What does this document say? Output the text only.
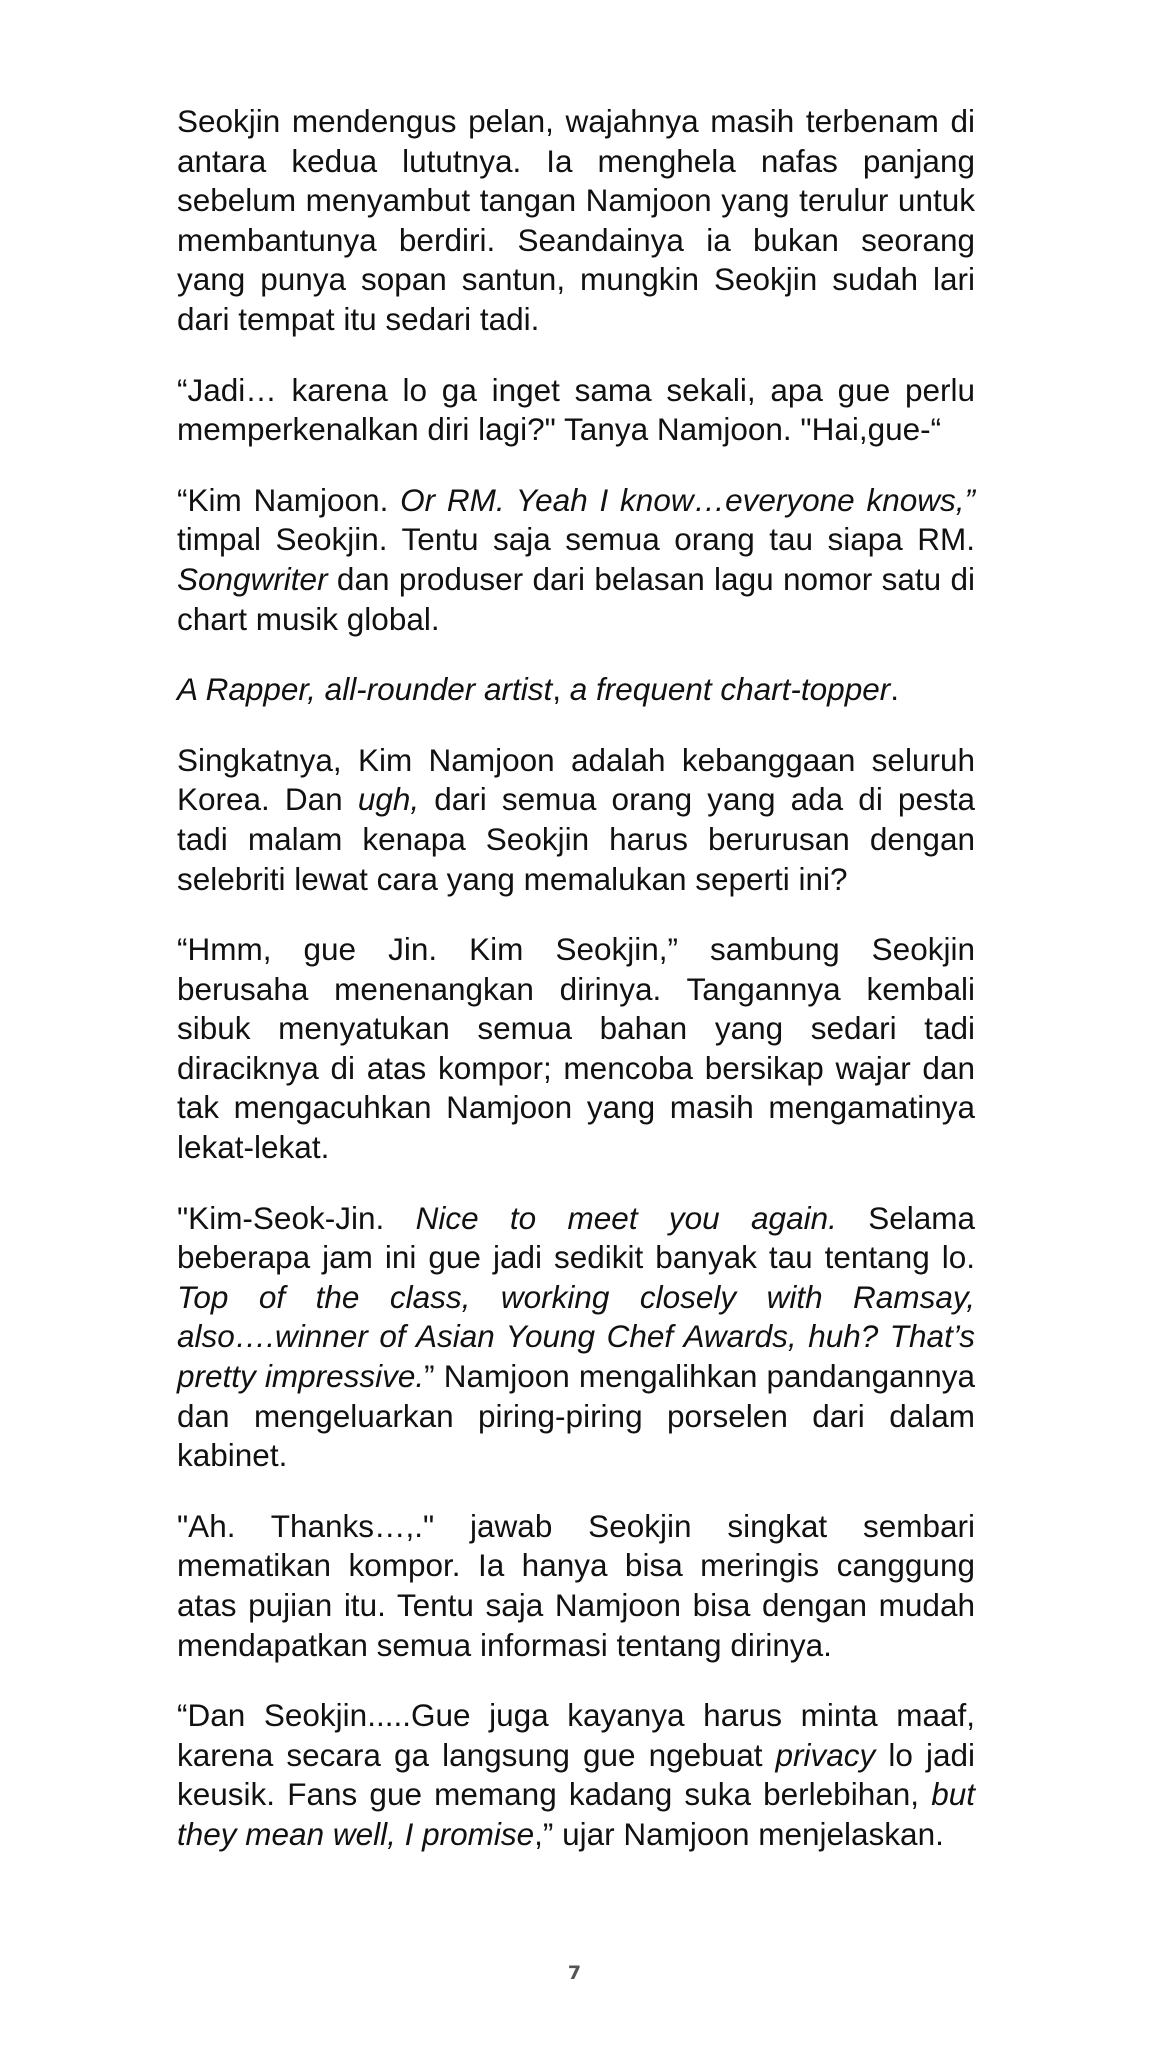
Seokjin mendengus pelan, wajahnya masih terbenam di antara kedua lututnya. Ia menghela nafas panjang sebelum menyambut tangan Namjoon yang terulur untuk membantunya berdiri. Seandainya ia bukan seorang yang punya sopan santun, mungkin Seokjin sudah lari dari tempat itu sedari tadi.

“Jadi… karena lo ga inget sama sekali, apa gue perlu memperkenalkan diri lagi?" Tanya Namjoon. "Hai,gue-“

“Kim Namjoon. Or RM. Yeah I know…everyone knows,” timpal Seokjin. Tentu saja semua orang tau siapa RM. Songwriter dan produser dari belasan lagu nomor satu di chart musik global.

A Rapper, all-rounder artist, a frequent chart-topper.

Singkatnya, Kim Namjoon adalah kebanggaan seluruh Korea. Dan ugh, dari semua orang yang ada di pesta tadi malam kenapa Seokjin harus berurusan dengan selebriti lewat cara yang memalukan seperti ini?

“Hmm, gue Jin. Kim Seokjin,” sambung Seokjin berusaha menenangkan dirinya. Tangannya kembali sibuk menyatukan semua bahan yang sedari tadi diraciknya di atas kompor; mencoba bersikap wajar dan tak mengacuhkan Namjoon yang masih mengamatinya lekat-lekat.

"Kim-Seok-Jin. Nice to meet you again. Selama beberapa jam ini gue jadi sedikit banyak tau tentang lo. Top of the class, working closely with Ramsay, also….winner of Asian Young Chef Awards, huh? That’s pretty impressive.” Namjoon mengalihkan pandangannya dan mengeluarkan piring-piring porselen dari dalam kabinet.

"Ah. Thanks…,." jawab Seokjin singkat sembari mematikan kompor. Ia hanya bisa meringis canggung atas pujian itu. Tentu saja Namjoon bisa dengan mudah mendapatkan semua informasi tentang dirinya.

“Dan Seokjin.....Gue juga kayanya harus minta maaf, karena secara ga langsung gue ngebuat privacy lo jadi keusik. Fans gue memang kadang suka berlebihan, but they mean well, I promise,” ujar Namjoon menjelaskan.

7
